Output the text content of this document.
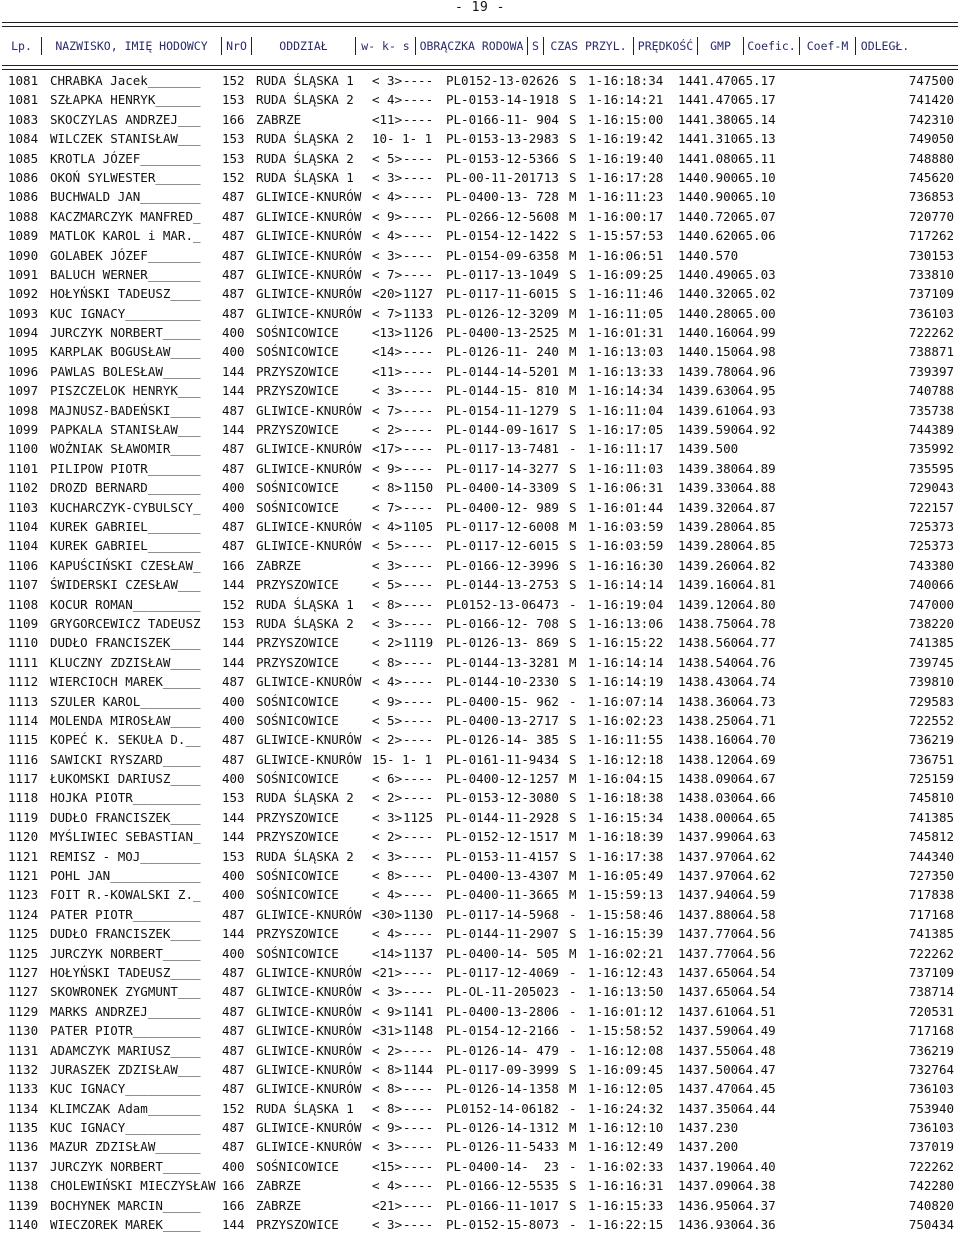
- 19 -
Lp.	NAZWISKO, IMIĘ HODOWCY	NrO	ODDZIAŁ	w- k- s OBRĄCZKA RODOWA S CZAS PRZYL. PRĘDKOŚĆ	GMP	Coefic. Coef-M	ODLEGŁ.
1081 CHRABKA Jacek_______	152 RUDA ŚLĄSKA 1 < 3> ---- PL0152-13-02626 S 1-16:18:34 1441.470 65.17	747500
1081 SZŁAPKA HENRYK______	153 RUDA ŚLĄSKA 2 < 4> ---- PL-0153-14-1918 S 1-16:14:21 1441.470 65.17	741420
1083 SKOCZYLAS ANDRZEJ___	166 ZABRZE	<11> ---- PL-0166-11- 904 S 1-16:15:00 1441.380 65.14	742310
1084 WILCZEK STANISŁAW___	153 RUDA ŚLĄSKA 2 10- 1- 1 PL-0153-13-2983 S 1-16:19:42 1441.310 65.13	749050
1085 KROTLA JÓZEF________	153 RUDA ŚLĄSKA 2 < 5> ---- PL-0153-12-5366 S 1-16:19:40 1441.080 65.11	748880
1086 OKOŃ SYLWESTER______	152 RUDA ŚLĄSKA 1 < 3> ---- PL-00-11-201713 S 1-16:17:28 1440.900 65.10	745620
1086 BUCHWALD JAN________	487 GLIWICE-KNURÓW < 4> ---- PL-0400-13- 728 M 1-16:11:23 1440.900 65.10	736853
1088 KACZMARCZYK MANFRED_	487 GLIWICE-KNURÓW < 9> ---- PL-0266-12-5608 M 1-16:00:17 1440.720 65.07	720770
1089 MATLOK KAROL i MAR._	487 GLIWICE-KNURÓW < 4> ---- PL-0154-12-1422 S 1-15:57:53 1440.620 65.06	717262
1090 GOLABEK JÓZEF_______	487 GLIWICE-KNURÓW < 3> ---- PL-0154-09-6358 M 1-16:06:51 1440.570	730153
1091 BALUCH WERNER_______	487 GLIWICE-KNURÓW < 7> ---- PL-0117-13-1049 S 1-16:09:25 1440.490 65.03	733810
1092 HOŁYŃSKI TADEUSZ____	487 GLIWICE-KNURÓW <20> 1127 PL-0117-11-6015 S 1-16:11:46 1440.320 65.02	737109
1093 KUC IGNACY__________	487 GLIWICE-KNURÓW < 7> 1133 PL-0126-12-3209 M 1-16:11:05 1440.280 65.00	736103
1094 JURCZYK NORBERT_____	400 SOŚNICOWICE	<13> 1126 PL-0400-13-2525 M 1-16:01:31 1440.160 64.99	722262
1095 KARPLAK BOGUSŁAW____	400 SOŚNICOWICE	<14> ---- PL-0126-11- 240 M 1-16:13:03 1440.150 64.98	738871
1096 PAWLAS BOLESŁAW_____	144 PRZYSZOWICE	<11> ---- PL-0144-14-5201 M 1-16:13:33 1439.780 64.96	739397
1097 PISZCZELOK HENRYK___	144 PRZYSZOWICE	< 3> ---- PL-0144-15- 810 M 1-16:14:34 1439.630 64.95	740788
1098 MAJNUSZ-BADEŃSKI____	487 GLIWICE-KNURÓW < 7> ---- PL-0154-11-1279 S 1-16:11:04 1439.610 64.93	735738
1099 PAPKALA STANISŁAW___	144 PRZYSZOWICE	< 2> ---- PL-0144-09-1617 S 1-16:17:05 1439.590 64.92	744389
1100 WOŹNIAK SŁAWOMIR____	487 GLIWICE-KNURÓW <17> ---- PL-0117-13-7481 - 1-16:11:17 1439.500	735992
1101 PILIPOW PIOTR_______	487 GLIWICE-KNURÓW < 9> ---- PL-0117-14-3277 S 1-16:11:03 1439.380 64.89	735595
1102 DROZD BERNARD_______	400 SOŚNICOWICE	< 8> 1150 PL-0400-14-3309 S 1-16:06:31 1439.330 64.88	729043
1103 KUCHARCZYK-CYBULSCY_	400 SOŚNICOWICE	< 7> ---- PL-0400-12- 989 S 1-16:01:44 1439.320 64.87	722157
1104 KUREK GABRIEL_______	487 GLIWICE-KNURÓW < 4> 1105 PL-0117-12-6008 M 1-16:03:59 1439.280 64.85	725373
1104 KUREK GABRIEL_______	487 GLIWICE-KNURÓW < 5> ---- PL-0117-12-6015 S 1-16:03:59 1439.280 64.85	725373
1106 KAPUŚCIŃSKI CZESŁAW_	166 ZABRZE	< 3> ---- PL-0166-12-3996 S 1-16:16:30 1439.260 64.82	743380
1107 ŚWIDERSKI CZESŁAW___	144 PRZYSZOWICE	< 5> ---- PL-0144-13-2753 S 1-16:14:14 1439.160 64.81	740066
1108 KOCUR ROMAN_________	152 RUDA ŚLĄSKA 1 < 8> ---- PL0152-13-06473 - 1-16:19:04 1439.120 64.80	747000
1109 GRYGORCEWICZ TADEUSZ	153 RUDA ŚLĄSKA 2 < 3> ---- PL-0166-12- 708 S 1-16:13:06 1438.750 64.78	738220
1110 DUDŁO FRANCISZEK____	144 PRZYSZOWICE	< 2> 1119 PL-0126-13- 869 S 1-16:15:22 1438.560 64.77	741385
1111 KLUCZNY ZDZISŁAW____	144 PRZYSZOWICE	< 8> ---- PL-0144-13-3281 M 1-16:14:14 1438.540 64.76	739745
1112 WIERCIOCH MAREK_____	487 GLIWICE-KNURÓW < 4> ---- PL-0144-10-2330 S 1-16:14:19 1438.430 64.74	739810
1113 SZULER KAROL________	400 SOŚNICOWICE	< 9> ---- PL-0400-15- 962 - 1-16:07:14 1438.360 64.73	729583
1114 MOLENDA MIROSŁAW____	400 SOŚNICOWICE	< 5> ---- PL-0400-13-2717 S 1-16:02:23 1438.250 64.71	722552
1115 KOPEĆ K. SEKUŁA D.__	487 GLIWICE-KNURÓW < 2> ---- PL-0126-14- 385 S 1-16:11:55 1438.160 64.70	736219
1116 SAWICKI RYSZARD_____	487 GLIWICE-KNURÓW 15- 1- 1 PL-0161-11-9434 S 1-16:12:18 1438.120 64.69	736751
1117 ŁUKOMSKI DARIUSZ____	400 SOŚNICOWICE	< 6> ---- PL-0400-12-1257 M 1-16:04:15 1438.090 64.67	725159
1118 HOJKA PIOTR_________	153 RUDA ŚLĄSKA 2 < 2> ---- PL-0153-12-3080 S 1-16:18:38 1438.030 64.66	745810
1119 DUDŁO FRANCISZEK____	144 PRZYSZOWICE	< 3> 1125 PL-0144-11-2928 S 1-16:15:34 1438.000 64.65	741385
1120 MYŚLIWIEC SEBASTIAN_	144 PRZYSZOWICE	< 2> ---- PL-0152-12-1517 M 1-16:18:39 1437.990 64.63	745812
1121 REMISZ - MOJ________	153 RUDA ŚLĄSKA 2 < 3> ---- PL-0153-11-4157 S 1-16:17:38 1437.970 64.62	744340
1121 POHL JAN____________	400 SOŚNICOWICE	< 8> ---- PL-0400-13-4307 M 1-16:05:49 1437.970 64.62	727350
1123 FOIT R.-KOWALSKI Z._	400 SOŚNICOWICE	< 4> ---- PL-0400-11-3665 M 1-15:59:13 1437.940 64.59	717838
1124 PATER PIOTR_________	487 GLIWICE-KNURÓW <30> 1130 PL-0117-14-5968 - 1-15:58:46 1437.880 64.58	717168
1125 DUDŁO FRANCISZEK____	144 PRZYSZOWICE	< 4> ---- PL-0144-11-2907 S 1-16:15:39 1437.770 64.56	741385
1125 JURCZYK NORBERT_____	400 SOŚNICOWICE	<14> 1137 PL-0400-14- 505 M 1-16:02:21 1437.770 64.56	722262
1127 HOŁYŃSKI TADEUSZ____	487 GLIWICE-KNURÓW <21> ---- PL-0117-12-4069 - 1-16:12:43 1437.650 64.54	737109
1127 SKOWRONEK ZYGMUNT___	487 GLIWICE-KNURÓW < 3> ---- PL-OL-11-205023 - 1-16:13:50 1437.650 64.54	738714
1129 MARKS ANDRZEJ_______	487 GLIWICE-KNURÓW < 9> 1141 PL-0400-13-2806 - 1-16:01:12 1437.610 64.51	720531
1130 PATER PIOTR_________	487 GLIWICE-KNURÓW <31> 1148 PL-0154-12-2166 - 1-15:58:52 1437.590 64.49	717168
1131 ADAMCZYK MARIUSZ____	487 GLIWICE-KNURÓW < 2> ---- PL-0126-14- 479 - 1-16:12:08 1437.550 64.48	736219
1132 JURASZEK ZDZISŁAW___	487 GLIWICE-KNURÓW < 8> 1144 PL-0117-09-3999 S 1-16:09:45 1437.500 64.47	732764
1133 KUC IGNACY__________	487 GLIWICE-KNURÓW < 8> ---- PL-0126-14-1358 M 1-16:12:05 1437.470 64.45	736103
1134 KLIMCZAK Adam_______	152 RUDA ŚLĄSKA 1 < 8> ---- PL0152-14-06182 - 1-16:24:32 1437.350 64.44	753940
1135 KUC IGNACY__________	487 GLIWICE-KNURÓW < 9> ---- PL-0126-14-1312 M 1-16:12:10 1437.230	736103
1136 MAZUR ZDZISŁAW______	487 GLIWICE-KNURÓW < 3> ---- PL-0126-11-5433 M 1-16:12:49 1437.200	737019
1137 JURCZYK NORBERT_____	400 SOŚNICOWICE	<15> ---- PL-0400-14-  23 - 1-16:02:33 1437.190 64.40	722262
1138 CHOLEWIŃSKI MIECZYSŁAW 166 ZABRZE	< 4> ---- PL-0166-12-5535 S 1-16:16:31 1437.090 64.38	742280
1139 BOCHYNEK MARCIN_____	166 ZABRZE	<21> ---- PL-0166-11-1017 S 1-16:15:33 1436.950 64.37	740820
1140 WIECZOREK MAREK_____	144 PRZYSZOWICE	< 3> ---- PL-0152-15-8073 - 1-16:22:15 1436.930 64.36	750434
